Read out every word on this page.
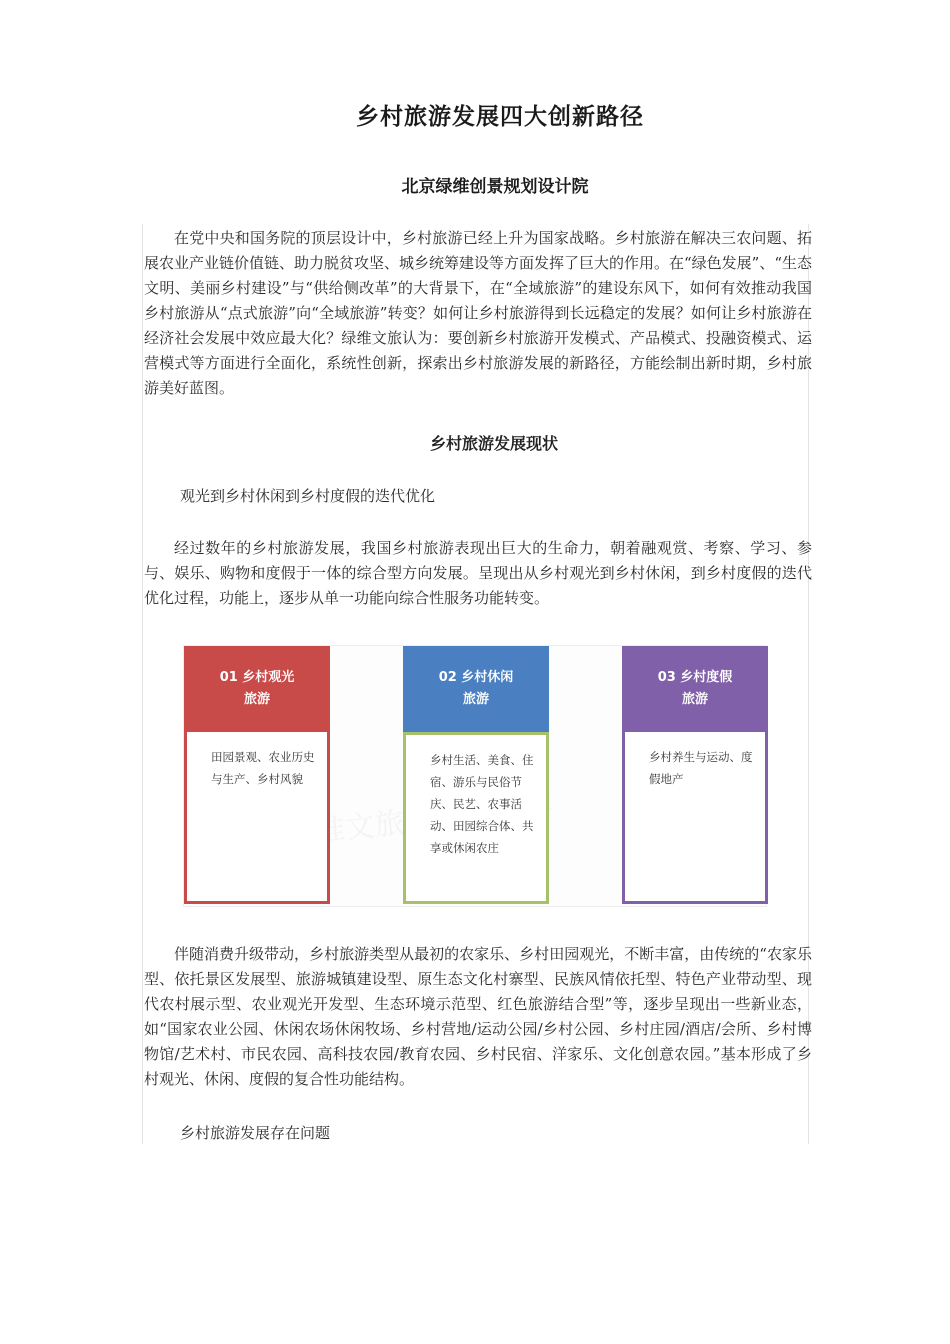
乡村旅游发展四大创新路径
北京绿维创景规划设计院

在党中央和国务院的顶层设计中，乡村旅游已经上升为国家战略。乡村旅游在解决三农问题、拓展农业产业链价值链、助力脱贫攻坚、城乡统筹建设等方面发挥了巨大的作用。在“绿色发展”、“生态文明、美丽乡村建设”与“供给侧改革”的大背景下，在“全域旅游”的建设东风下，如何有效推动我国乡村旅游从“点式旅游”向“全域旅游”转变？如何让乡村旅游得到长远稳定的发展？如何让乡村旅游在经济社会发展中效应最大化？绿维文旅认为：要创新乡村旅游开发模式、产品模式、投融资模式、运营模式等方面进行全面化，系统性创新，探索出乡村旅游发展的新路径，方能绘制出新时期，乡村旅游美好蓝图。

乡村旅游发展现状
观光到乡村休闲到乡村度假的迭代优化

经过数年的乡村旅游发展，我国乡村旅游表现出巨大的生命力，朝着融观赏、考察、学习、参与、娱乐、购物和度假于一体的综合型方向发展。呈现出从乡村观光到乡村休闲，到乡村度假的迭代优化过程，功能上，逐步从单一功能向综合性服务功能转变。

01 乡村观光
旅游
田园景观、农业历史与生产、乡村风貌
02 乡村休闲
旅游
乡村生活、美食、住宿、游乐与民俗节庆、民艺、农事活动、田园综合体、共享或休闲农庄
03 乡村度假
旅游
乡村养生与运动、度假地产

伴随消费升级带动，乡村旅游类型从最初的农家乐、乡村田园观光，不断丰富，由传统的“农家乐型、依托景区发展型、旅游城镇建设型、原生态文化村寨型、民族风情依托型、特色产业带动型、现代农村展示型、农业观光开发型、生态环境示范型、红色旅游结合型”等，逐步呈现出一些新业态，如“国家农业公园、休闲农场休闲牧场、乡村营地/运动公园/乡村公园、乡村庄园/酒店/会所、乡村博物馆/艺术村、市民农园、高科技农园/教育农园、乡村民宿、洋家乐、文化创意农园。”基本形成了乡村观光、休闲、度假的复合性功能结构。

乡村旅游发展存在问题
